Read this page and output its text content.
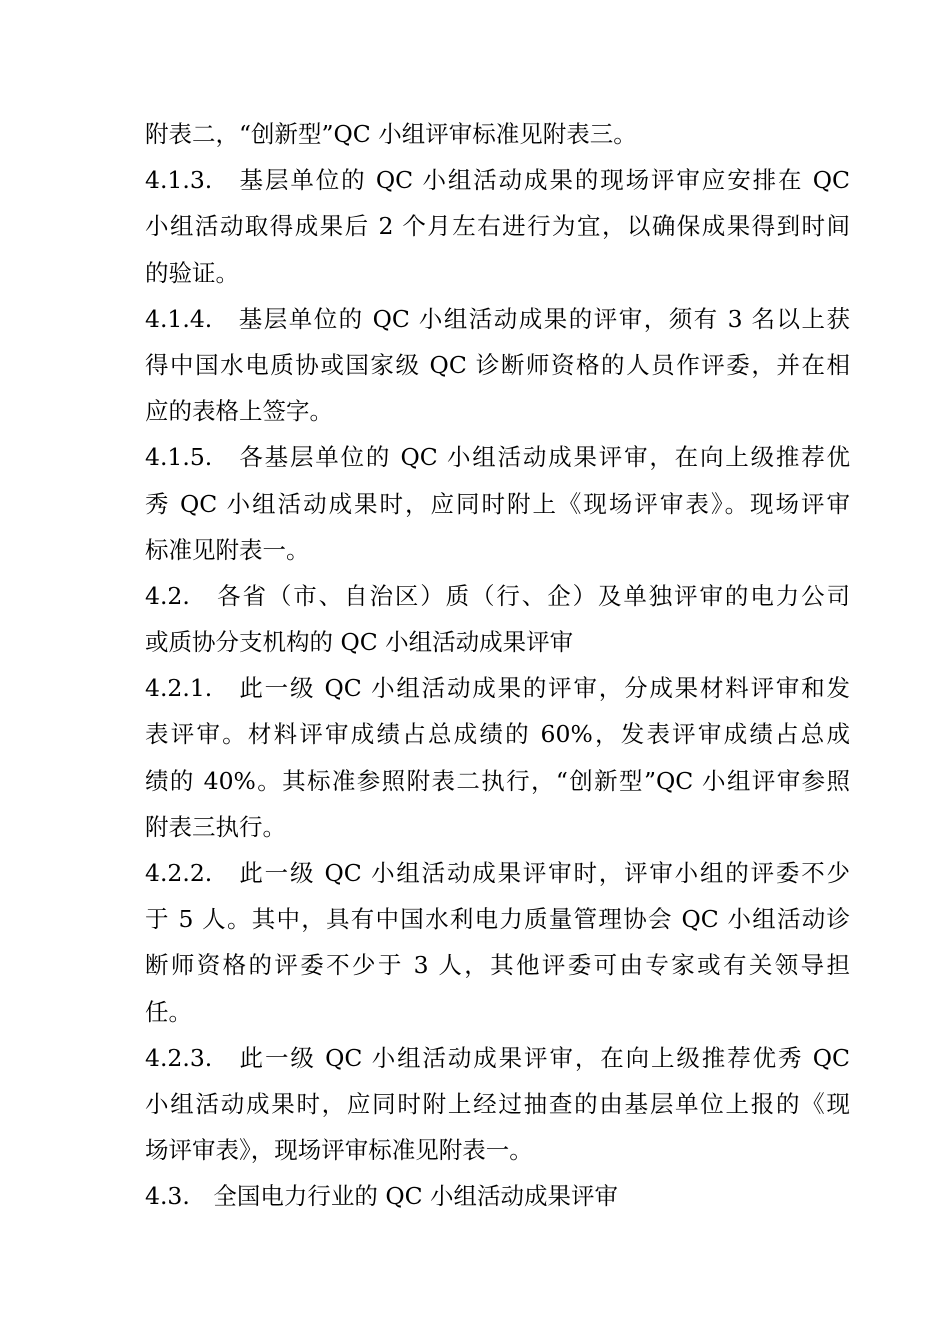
附表二，“创新型”QC 小组评审标准见附表三。
4.1.3.　基层单位的 QC 小组活动成果的现场评审应安排在 QC
小组活动取得成果后 2 个月左右进行为宜，以确保成果得到时间
的验证。
4.1.4.　基层单位的 QC 小组活动成果的评审，须有 3 名以上获
得中国水电质协或国家级 QC 诊断师资格的人员作评委，并在相
应的表格上签字。
4.1.5.　各基层单位的 QC 小组活动成果评审，在向上级推荐优
秀 QC 小组活动成果时，应同时附上《现场评审表》。现场评审
标准见附表一。
4.2.　各省（市、自治区）质（行、企）及单独评审的电力公司
或质协分支机构的 QC 小组活动成果评审
4.2.1.　此一级 QC 小组活动成果的评审，分成果材料评审和发
表评审。材料评审成绩占总成绩的 60%，发表评审成绩占总成
绩的 40%。其标准参照附表二执行，“创新型”QC 小组评审参照
附表三执行。
4.2.2.　此一级 QC 小组活动成果评审时，评审小组的评委不少
于 5 人。其中，具有中国水利电力质量管理协会 QC 小组活动诊
断师资格的评委不少于 3 人，其他评委可由专家或有关领导担
任。
4.2.3.　此一级 QC 小组活动成果评审，在向上级推荐优秀 QC
小组活动成果时，应同时附上经过抽查的由基层单位上报的《现
场评审表》，现场评审标准见附表一。
4.3.　全国电力行业的 QC 小组活动成果评审
